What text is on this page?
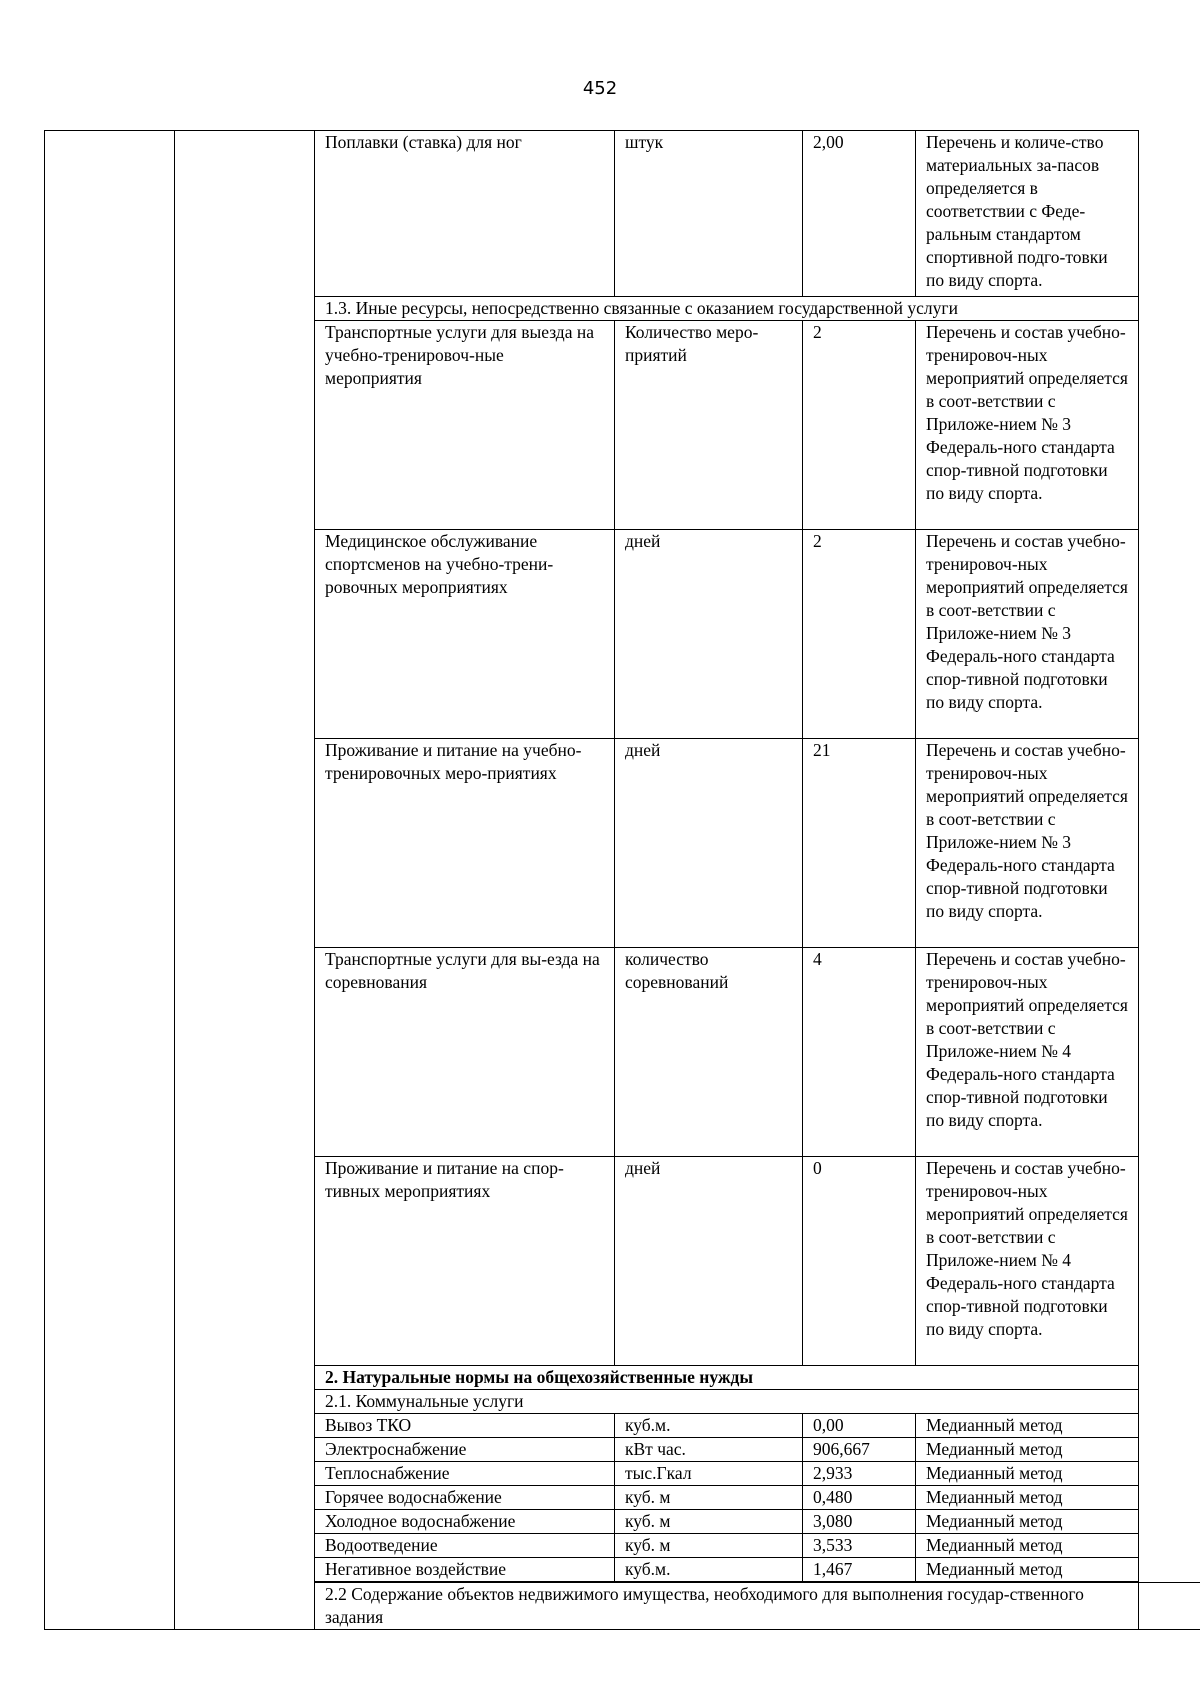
452
		Поплавки (ставка) для ног	штук	2,00	Перечень и количе-ство материальных за-пасов определяется в соответствии с Феде-ральным стандартом спортивной подго-товки по виду спорта.	
		1.3. Иные ресурсы, непосредственно связанные с оказанием государственной услуги				
		Транспортные услуги для выезда на учебно-тренировоч-ные мероприятия	Количество меро-приятий	2	Перечень и состав учебно-тренировоч-ных мероприятий определяется в соот-ветствии с Приложе-нием № 3 Федераль-ного стандарта спор-тивной подготовки по виду спорта.	
		Медицинское обслуживание спортсменов на учебно-трени-ровочных мероприятиях	дней	2	Перечень и состав учебно-тренировоч-ных мероприятий определяется в соот-ветствии с Приложе-нием № 3 Федераль-ного стандарта спор-тивной подготовки по виду спорта.	
		Проживание и питание на учебно-тренировочных меро-приятиях	дней	21	Перечень и состав учебно-тренировоч-ных мероприятий определяется в соот-ветствии с Приложе-нием № 3 Федераль-ного стандарта спор-тивной подготовки по виду спорта.	
		Транспортные услуги для вы-езда на соревнования	количество соревнований	4	Перечень и состав учебно-тренировоч-ных мероприятий определяется в соот-ветствии с Приложе-нием № 4 Федераль-ного стандарта спор-тивной подготовки по виду спорта.	
		Проживание и питание на спор-тивных мероприятиях	дней	0	Перечень и состав учебно-тренировоч-ных мероприятий определяется в соот-ветствии с Приложе-нием № 4 Федераль-ного стандарта спор-тивной подготовки по виду спорта.	
		2. Натуральные нормы на общехозяйственные нужды				
		2.1. Коммунальные услуги				
		Вывоз ТКО	куб.м.	0,00	Медианный метод	
		Электроснабжение	кВт час.	906,667	Медианный метод	
		Теплоснабжение	тыс.Гкал	2,933	Медианный метод	
		Горячее водоснабжение	куб. м	0,480	Медианный метод	
		Холодное водоснабжение	куб. м	3,080	Медианный метод	
		Водоотведение	куб. м	3,533	Медианный метод	
		Негативное воздействие	куб.м.	1,467	Медианный метод	

		2.2 Содержание объектов недвижимого имущества, необходимого для выполнения государ-ственного задания				
